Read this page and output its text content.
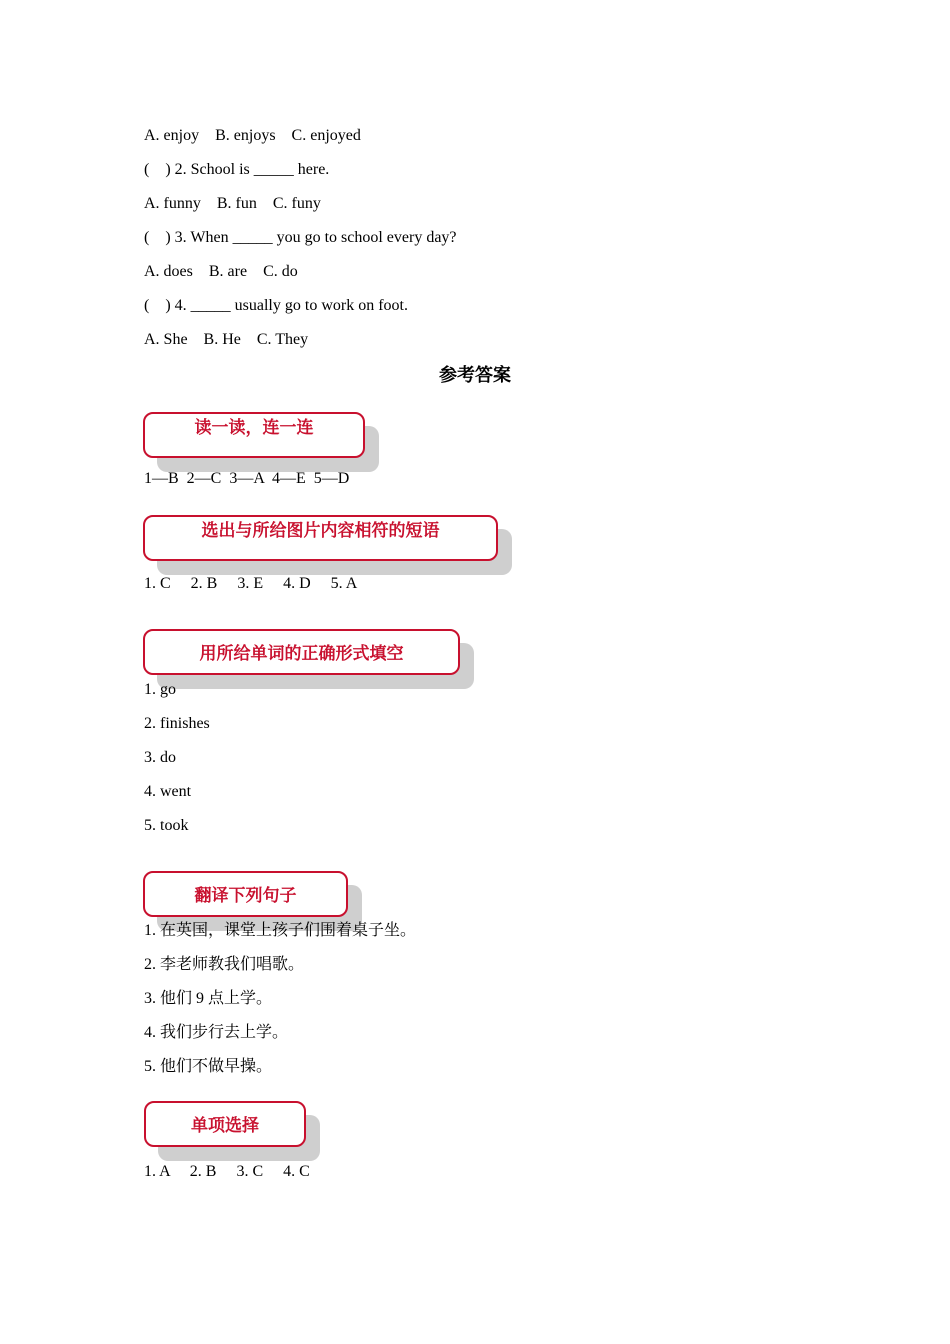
A. enjoy    B. enjoys    C. enjoyed
(    ) 2. School is _____ here.
A. funny    B. fun    C. funy
(    ) 3. When _____ you go to school every day?
A. does    B. are    C. do
(    ) 4. _____ usually go to work on foot.
A. She    B. He    C. They
参考答案
读一读，连一连
1—B  2—C  3—A  4—E  5—D
选出与所给图片内容相符的短语
1. C     2. B     3. E     4. D     5. A
用所给单词的正确形式填空
1. go
2. finishes
3. do
4. went
5. took
翻译下列句子
1. 在英国，课堂上孩子们围着桌子坐。
2. 李老师教我们唱歌。
3. 他们 9 点上学。
4. 我们步行去上学。
5. 他们不做早操。
单项选择
1. A     2. B     3. C     4. C
